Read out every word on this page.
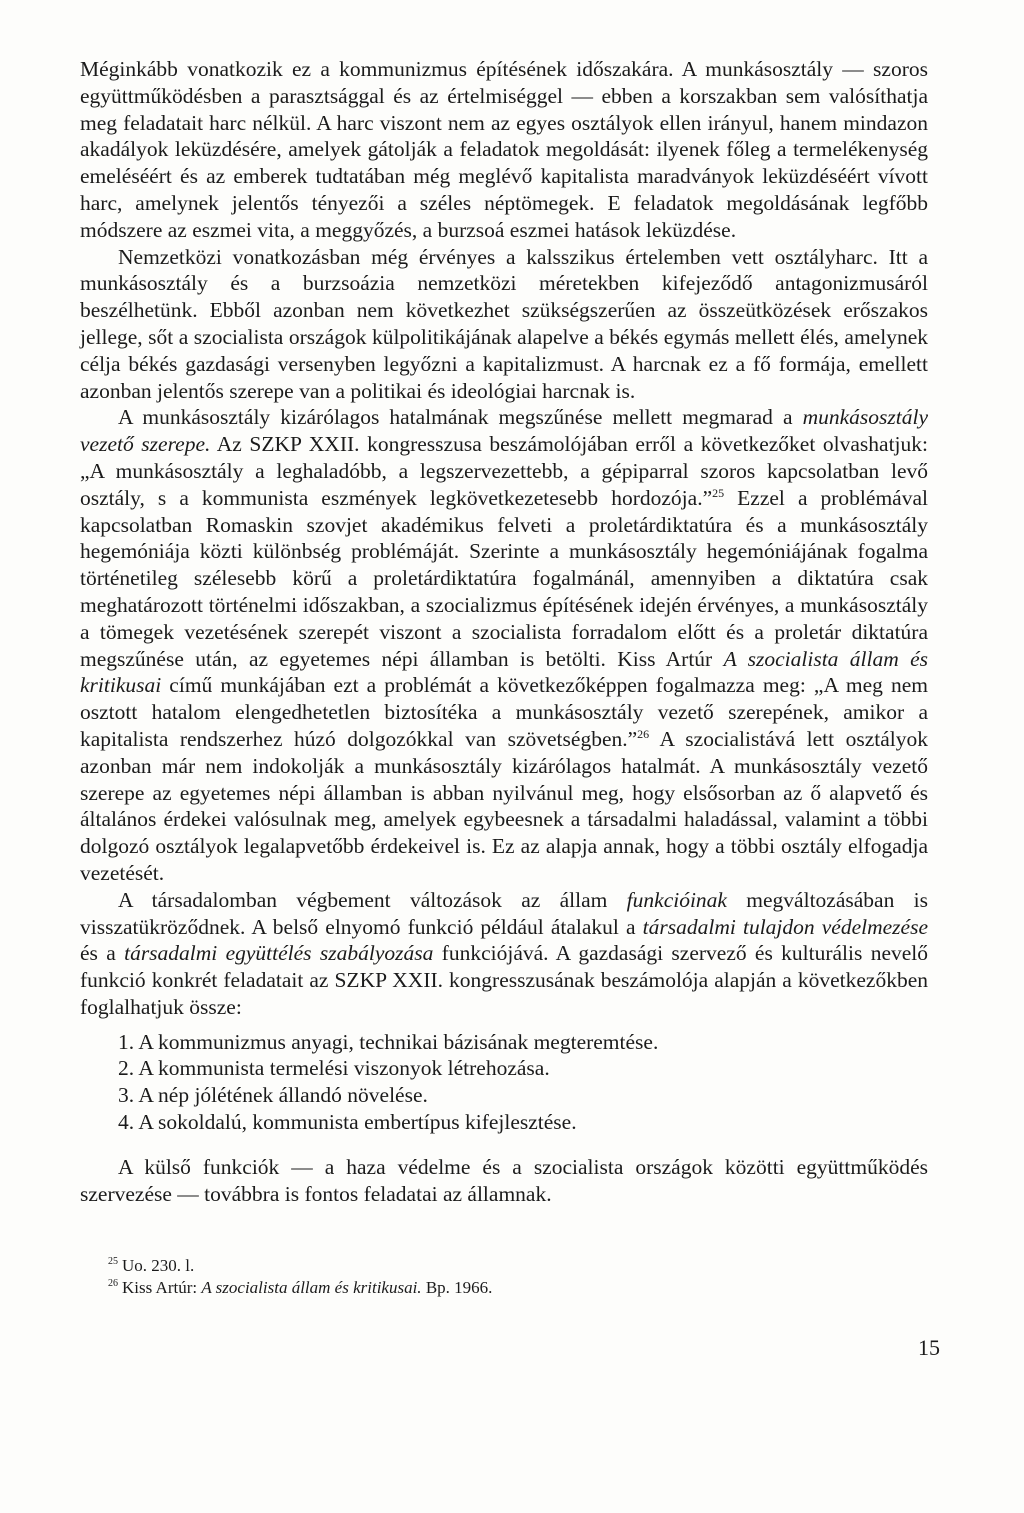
Méginkább vonatkozik ez a kommunizmus építésének időszakára. A munkásosztály — szoros együttműködésben a parasztsággal és az értelmiséggel — ebben a korszakban sem valósíthatja meg feladatait harc nélkül. A harc viszont nem az egyes osztályok ellen irányul, hanem mindazon akadályok leküzdésére, amelyek gátolják a feladatok megoldását: ilyenek főleg a termelékenység emeléséért és az emberek tudtatában még meglévő kapitalista maradványok leküzdéséért vívott harc, amelynek jelentős tényezői a széles néptömegek. E feladatok megoldásának legfőbb módszere az eszmei vita, a meggyőzés, a burzsoá eszmei hatások leküzdése.

Nemzetközi vonatkozásban még érvényes a kalsszikus értelemben vett osztályharc. Itt a munkásosztály és a burzsoázia nemzetközi méretekben kifejeződő antagonizmusáról beszélhetünk. Ebből azonban nem következhet szükségszerűen az összeütközések erőszakos jellege, sőt a szocialista országok külpolitikájának alapelve a békés egymás mellett élés, amelynek célja békés gazdasági versenyben legyőzni a kapitalizmust. A harcnak ez a fő formája, emellett azonban jelentős szerepe van a politikai és ideológiai harcnak is.

A munkásosztály kizárólagos hatalmának megszűnése mellett megmarad a munkásosztály vezető szerepe. Az SZKP XXII. kongresszusa beszámolójában erről a következőket olvashatjuk: „A munkásosztály a leghaladóbb, a legszervezettebb, a gépiparral szoros kapcsolatban levő osztály, s a kommunista eszmények legkövetkezetesebb hordozója.”$^{25}$ Ezzel a problémával kapcsolatban Romaskin szovjet akadémikus felveti a proletárdiktatúra és a munkásosztály hegemóniája közti különbség problémáját. Szerinte a munkásosztály hegemóniájának fogalma történetileg szélesebb körű a proletárdiktatúra fogalmánál, amennyiben a diktatúra csak meghatározott történelmi időszakban, a szocializmus építésének idején érvényes, a munkásosztály a tömegek vezetésének szerepét viszont a szocialista forradalom előtt és a proletár diktatúra megszűnése után, az egyetemes népi államban is betölti. Kiss Artúr A szocialista állam és kritikusai című munkájában ezt a problémát a következőképpen fogalmazza meg: „A meg nem osztott hatalom elengedhetetlen biztosítéka a munkásosztály vezető szerepének, amikor a kapitalista rendszerhez húzó dolgozókkal van szövetségben.”$^{26}$ A szocialistává lett osztályok azonban már nem indokolják a munkásosztály kizárólagos hatalmát. A munkásosztály vezető szerepe az egyetemes népi államban is abban nyilvánul meg, hogy elsősorban az ő alapvető és általános érdekei valósulnak meg, amelyek egybeesnek a társadalmi haladással, valamint a többi dolgozó osztályok legalapvetőbb érdekeivel is. Ez az alapja annak, hogy a többi osztály elfogadja vezetését.

A társadalomban végbement változások az állam funkcióinak megváltozásában is visszatükröződnek. A belső elnyomó funkció például átalakul a társadalmi tulajdon védelmezése és a társadalmi együttélés szabályozása funkciójává. A gazdasági szervező és kulturális nevelő funkció konkrét feladatait az SZKP XXII. kongresszusának beszámolója alapján a következőkben foglalhatjuk össze:

1. A kommunizmus anyagi, technikai bázisának megteremtése.
2. A kommunista termelési viszonyok létrehozása.
3. A nép jólétének állandó növelése.
4. A sokoldalú, kommunista embertípus kifejlesztése.

A külső funkciók — a haza védelme és a szocialista országok közötti együttműködés szervezése — továbbra is fontos feladatai az államnak.

$^{25}$ Uo. 230. l.
$^{26}$ Kiss Artúr: A szocialista állam és kritikusai. Bp. 1966.
15
